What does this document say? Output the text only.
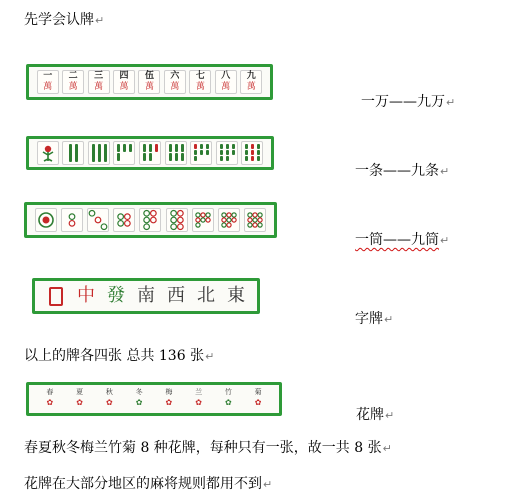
先学会认牌↵
一
萬
二
萬
三
萬
四
萬
伍
萬
六
萬
七
萬
八
萬
九
萬
一万——九万↵
一条——九条↵
一筒——九筒↵
中 發 南 西 北 東
字牌↵
以上的牌各四张 总共 136 张↵
春
✿
夏
✿
秋
✿
冬
✿
梅
✿
兰
✿
竹
✿
菊
✿
花牌↵
春夏秋冬梅兰竹菊 8 种花牌，每种只有一张，故一共 8 张↵
花牌在大部分地区的麻将规则都用不到↵
